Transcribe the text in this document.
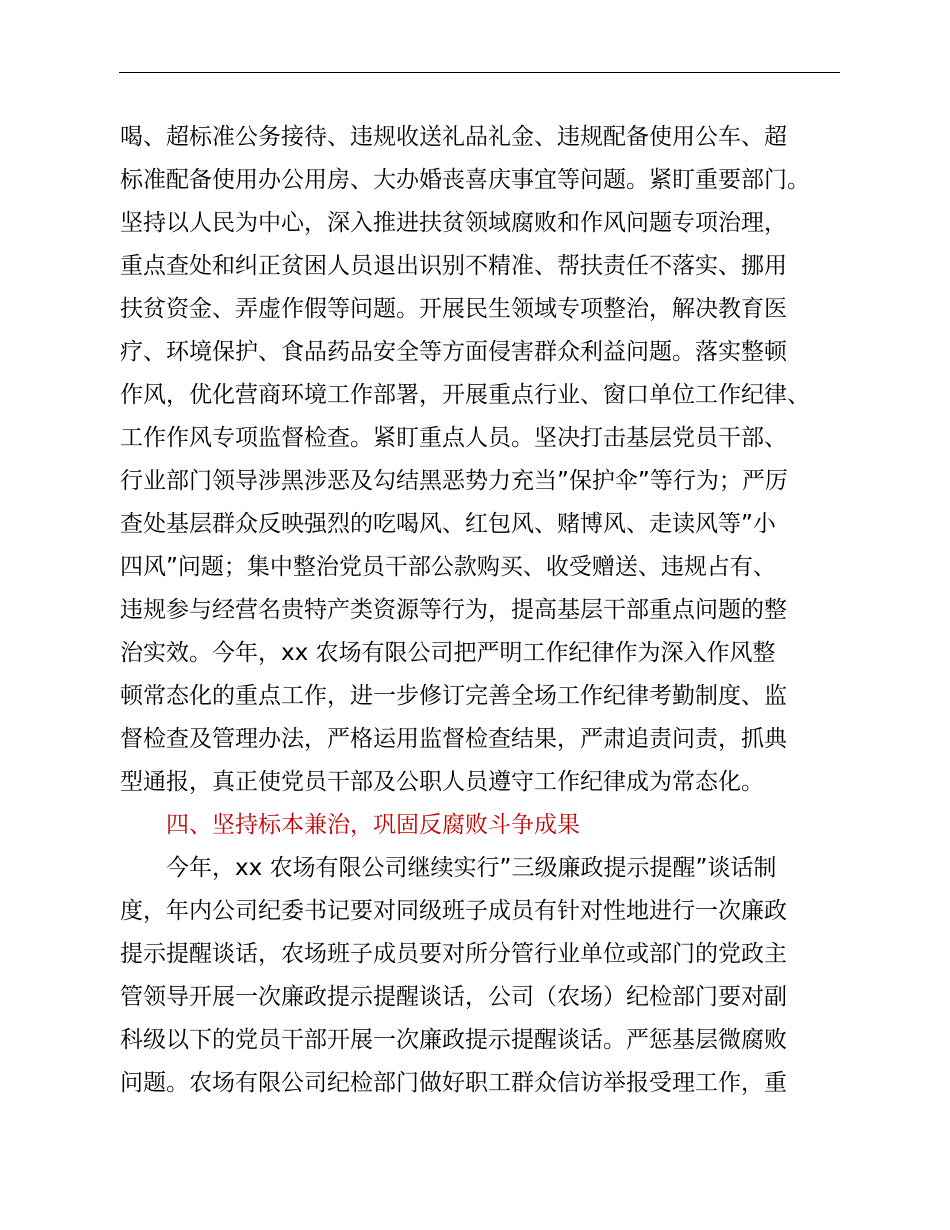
喝、超标准公务接待、违规收送礼品礼金、违规配备使用公车、超
标准配备使用办公用房、大办婚丧喜庆事宜等问题。紧盯重要部门。
坚持以人民为中心，深入推进扶贫领域腐败和作风问题专项治理，
重点查处和纠正贫困人员退出识别不精准、帮扶责任不落实、挪用
扶贫资金、弄虚作假等问题。开展民生领域专项整治，解决教育医
疗、环境保护、食品药品安全等方面侵害群众利益问题。落实整顿
作风，优化营商环境工作部署，开展重点行业、窗口单位工作纪律、
工作作风专项监督检查。紧盯重点人员。坚决打击基层党员干部、
行业部门领导涉黑涉恶及勾结黑恶势力充当”保护伞”等行为；严厉
查处基层群众反映强烈的吃喝风、红包风、赌博风、走读风等”小
四风”问题；集中整治党员干部公款购买、收受赠送、违规占有、
违规参与经营名贵特产类资源等行为，提高基层干部重点问题的整
治实效。今年，xx 农场有限公司把严明工作纪律作为深入作风整
顿常态化的重点工作，进一步修订完善全场工作纪律考勤制度、监
督检查及管理办法，严格运用监督检查结果，严肃追责问责，抓典
型通报，真正使党员干部及公职人员遵守工作纪律成为常态化。
四、坚持标本兼治，巩固反腐败斗争成果
今年，xx 农场有限公司继续实行”三级廉政提示提醒”谈话制
度，年内公司纪委书记要对同级班子成员有针对性地进行一次廉政
提示提醒谈话，农场班子成员要对所分管行业单位或部门的党政主
管领导开展一次廉政提示提醒谈话，公司（农场）纪检部门要对副
科级以下的党员干部开展一次廉政提示提醒谈话。严惩基层微腐败
问题。农场有限公司纪检部门做好职工群众信访举报受理工作，重
